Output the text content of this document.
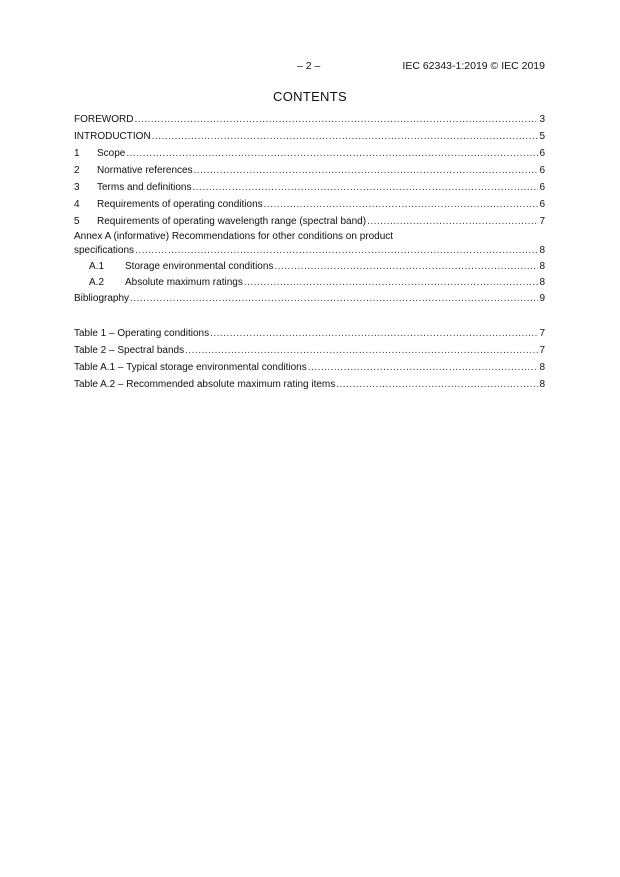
– 2 –	IEC 62343-1:2019 © IEC 2019
CONTENTS
FOREWORD .....	3
INTRODUCTION .....	5
1	Scope .....	6
2	Normative references .....	6
3	Terms and definitions .....	6
4	Requirements of operating conditions .....	6
5	Requirements of operating wavelength range (spectral band) .....	7
Annex A (informative) Recommendations for other conditions on product
specifications .....	8
A.1	Storage environmental conditions .....	8
A.2	Absolute maximum ratings .....	8
Bibliography .....	9
Table 1 – Operating conditions .....	7
Table 2 – Spectral bands .....	7
Table A.1 – Typical storage environmental conditions .....	8
Table A.2 – Recommended absolute maximum rating items .....	8
